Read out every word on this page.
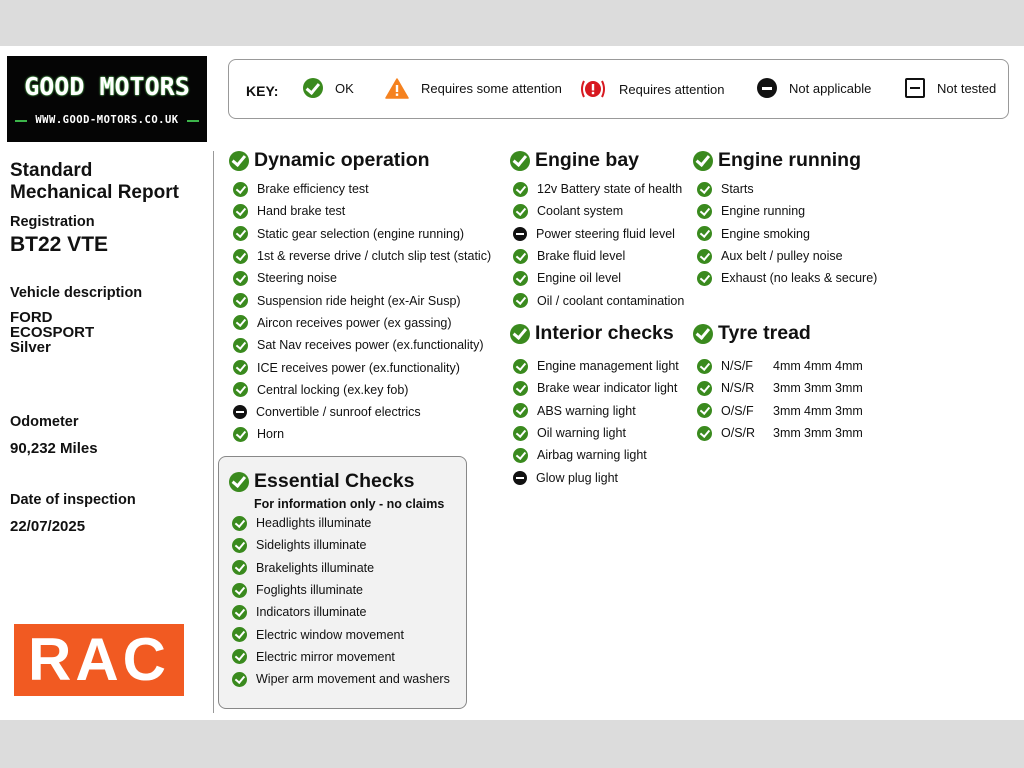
GOOD MOTORS
WWW.GOOD-MOTORS.CO.UK
Standard
Mechanical Report
Registration
BT22 VTE
Vehicle description
FORD
ECOSPORT
Silver
Odometer
90,232 Miles
Date of inspection
22/07/2025
RAC
KEY:	OK	Requires some attention	Requires attention	Not applicable	Not tested
Dynamic operation
Brake efficiency test
Hand brake test
Static gear selection (engine running)
1st & reverse drive / clutch slip test (static)
Steering noise
Suspension ride height (ex-Air Susp)
Aircon receives power (ex gassing)
Sat Nav receives power (ex.functionality)
ICE receives power (ex.functionality)
Central locking (ex.key fob)
Convertible / sunroof electrics
Horn
Essential Checks
For information only - no claims
Headlights illuminate
Sidelights illuminate
Brakelights illuminate
Foglights illuminate
Indicators illuminate
Electric window movement
Electric mirror movement
Wiper arm movement and washers
Engine bay
12v Battery state of health
Coolant system
Power steering fluid level
Brake fluid level
Engine oil level
Oil / coolant contamination
Interior checks
Engine management light
Brake wear indicator light
ABS warning light
Oil warning light
Airbag warning light
Glow plug light
Engine running
Starts
Engine running
Engine smoking
Aux belt / pulley noise
Exhaust (no leaks & secure)
Tyre tread
N/S/F	4mm 4mm 4mm
N/S/R	3mm 3mm 3mm
O/S/F	3mm 4mm 3mm
O/S/R	3mm 3mm 3mm
